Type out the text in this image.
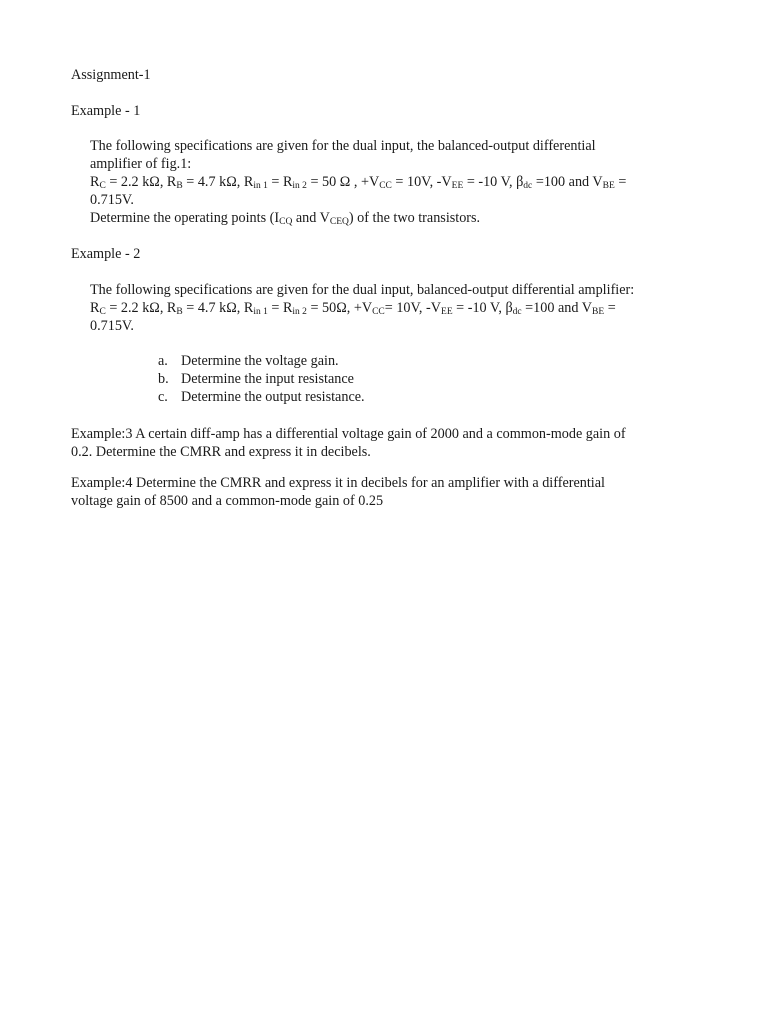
Assignment-1
Example - 1
The following specifications are given for the dual input, the balanced-output differential
amplifier of fig.1:
$R_C = 2.2$ kΩ, $R_B = 4.7$ kΩ, $R_{in 1} = R_{in 2} = 50$ Ω , $+V_{CC} = 10V$, $-V_{EE} = -10$ V, $\beta_{dc} =100$ and $V_{BE}$ =
0.715V.
Determine the operating points ($I_{CQ}$ and $V_{CEQ}$) of the two transistors.
Example - 2
The following specifications are given for the dual input, balanced-output differential amplifier:
$R_C = 2.2$ kΩ, $R_B = 4.7$ kΩ, $R_{in 1} = R_{in 2} = 50\Omega$, $+V_{CC}= 10V$, $-V_{EE} = -10$ V, $\beta_{dc} =100$ and $V_{BE}$ =
0.715V.
a. Determine the voltage gain.
b. Determine the input resistance
c. Determine the output resistance.
Example:3 A certain diff-amp has a differential voltage gain of 2000 and a common-mode gain of
0.2. Determine the CMRR and express it in decibels.
Example:4 Determine the CMRR and express it in decibels for an amplifier with a differential
voltage gain of 8500 and a common-mode gain of 0.25
